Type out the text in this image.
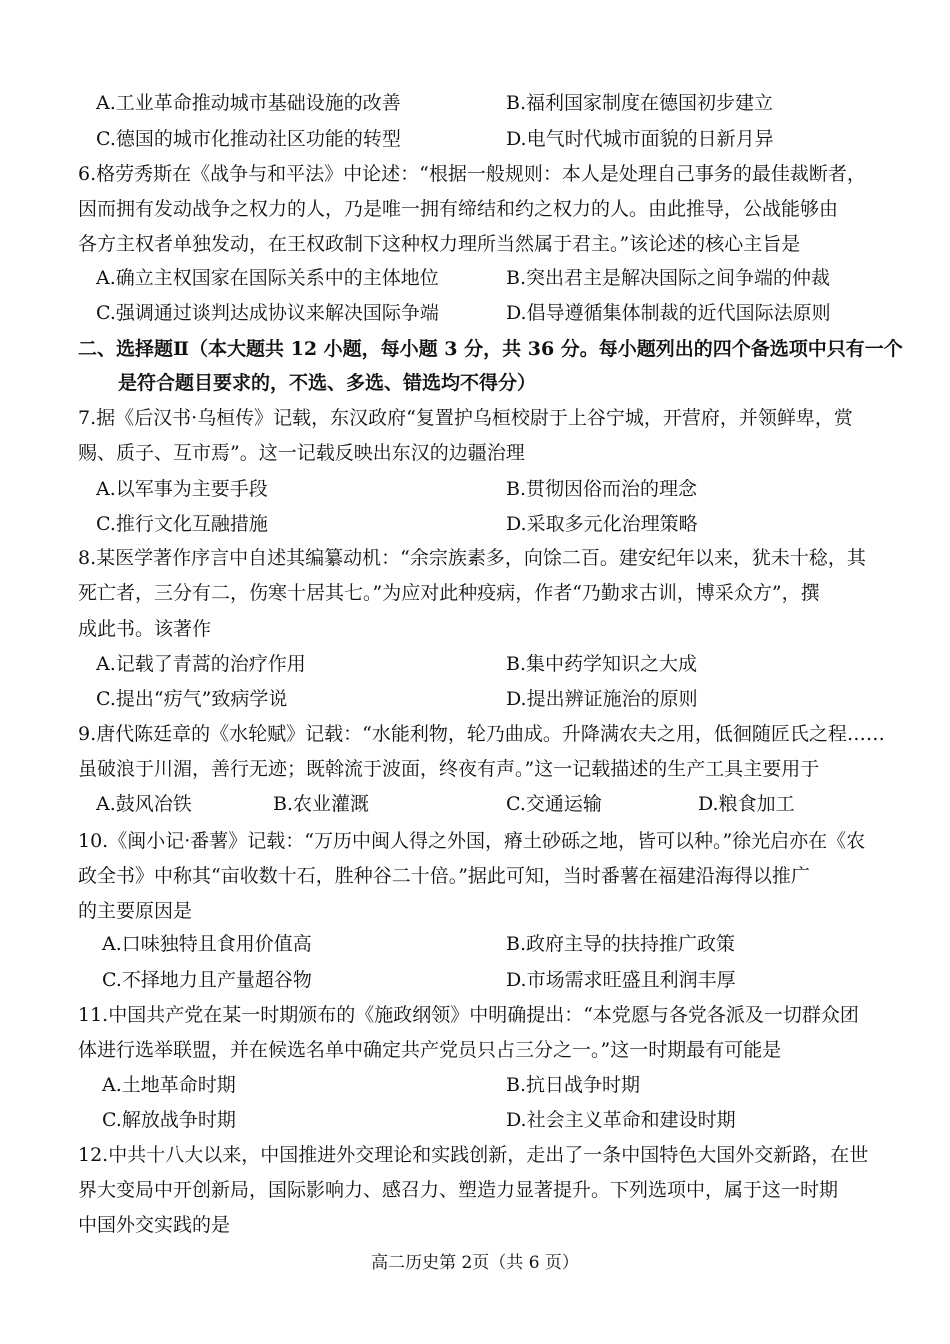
A.工业革命推动城市基础设施的改善	B.福利国家制度在德国初步建立
C.德国的城市化推动社区功能的转型	D.电气时代城市面貌的日新月异
6.格劳秀斯在《战争与和平法》中论述：“根据一般规则：本人是处理自己事务的最佳裁断者，
因而拥有发动战争之权力的人，乃是唯一拥有缔结和约之权力的人。由此推导，公战能够由
各方主权者单独发动，在王权政制下这种权力理所当然属于君主。”该论述的核心主旨是
A.确立主权国家在国际关系中的主体地位	B.突出君主是解决国际之间争端的仲裁
C.强调通过谈判达成协议来解决国际争端	D.倡导遵循集体制裁的近代国际法原则
二、选择题Ⅱ（本大题共 12 小题，每小题 3 分，共 36 分。每小题列出的四个备选项中只有一个
是符合题目要求的，不选、多选、错选均不得分）
7.据《后汉书·乌桓传》记载，东汉政府“复置护乌桓校尉于上谷宁城，开营府，并领鲜卑，赏
赐、质子、互市焉”。这一记载反映出东汉的边疆治理
A.以军事为主要手段	B.贯彻因俗而治的理念
C.推行文化互融措施	D.采取多元化治理策略
8.某医学著作序言中自述其编纂动机：“余宗族素多，向馀二百。建安纪年以来，犹未十稔，其
死亡者，三分有二，伤寒十居其七。”为应对此种疫病，作者“乃勤求古训，博采众方”，撰
成此书。该著作
A.记载了青蒿的治疗作用	B.集中药学知识之大成
C.提出“疠气”致病学说	D.提出辨证施治的原则
9.唐代陈廷章的《水轮赋》记载：“水能利物，轮乃曲成。升降满农夫之用，低徊随匠氏之程……
虽破浪于川湄，善行无迹；既斡流于波面，终夜有声。”这一记载描述的生产工具主要用于
A.鼓风冶铁	B.农业灌溉	C.交通运输	D.粮食加工
10.《闽小记·番薯》记载：“万历中闽人得之外国，瘠土砂砾之地，皆可以种。”徐光启亦在《农
政全书》中称其“亩收数十石，胜种谷二十倍。”据此可知，当时番薯在福建沿海得以推广
的主要原因是
A.口味独特且食用价值高	B.政府主导的扶持推广政策
C.不择地力且产量超谷物	D.市场需求旺盛且利润丰厚
11.中国共产党在某一时期颁布的《施政纲领》中明确提出：“本党愿与各党各派及一切群众团
体进行选举联盟，并在候选名单中确定共产党员只占三分之一。”这一时期最有可能是
A.土地革命时期	B.抗日战争时期
C.解放战争时期	D.社会主义革命和建设时期
12.中共十八大以来，中国推进外交理论和实践创新，走出了一条中国特色大国外交新路，在世
界大变局中开创新局，国际影响力、感召力、塑造力显著提升。下列选项中，属于这一时期
中国外交实践的是
高二历史第 2页（共 6 页）
